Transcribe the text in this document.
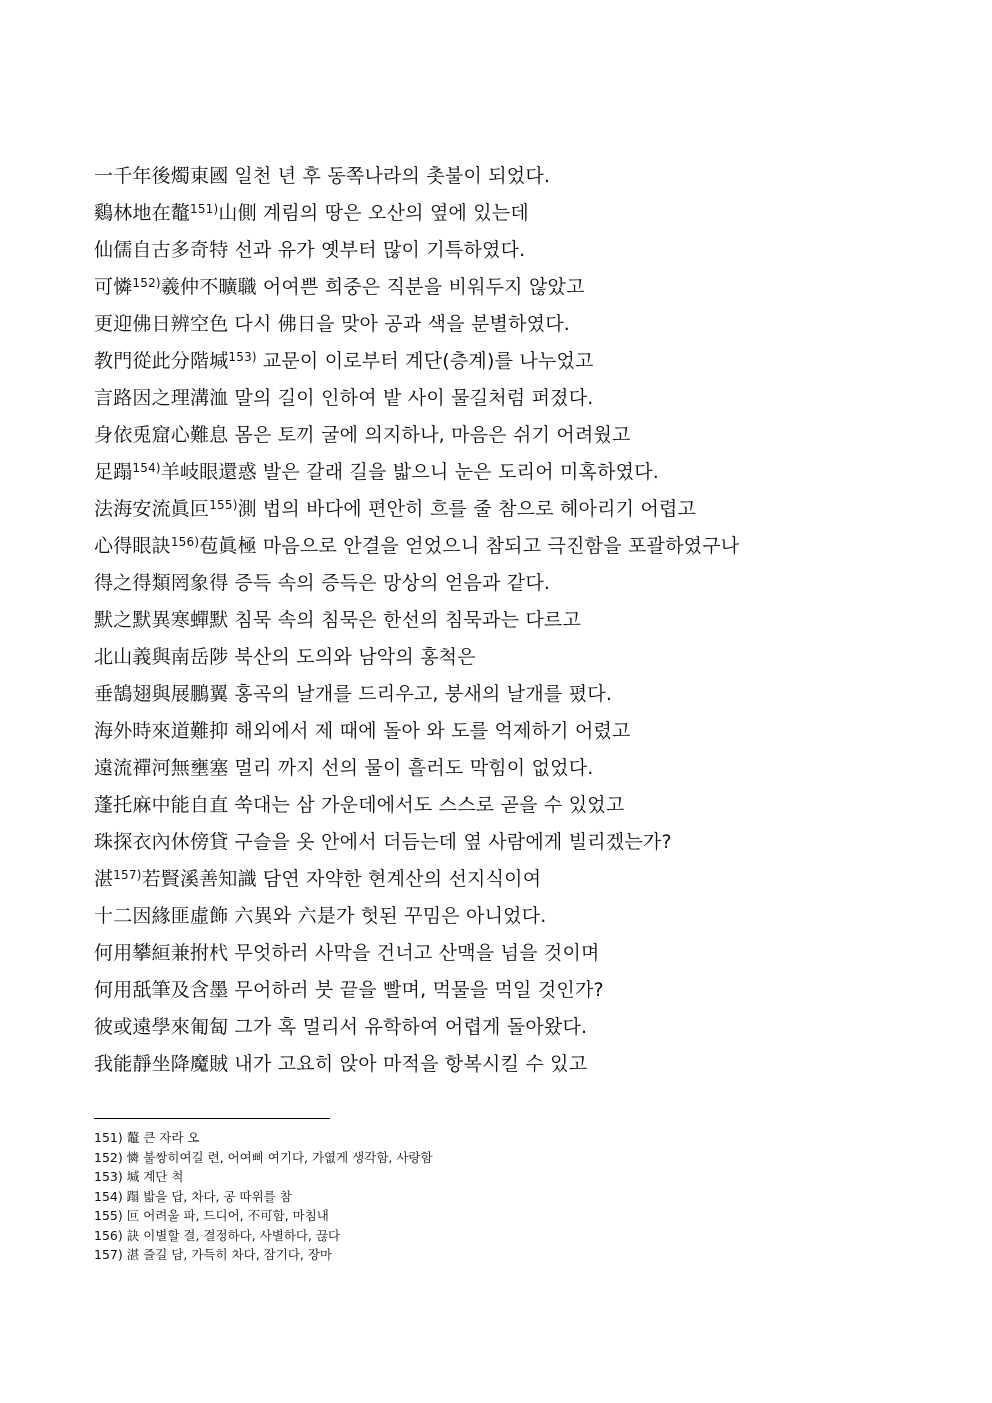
一千年後燭東國 일천 년 후 동쪽나라의 촛불이 되었다.
鷄林地在鼇$^{151)}$山側 계림의 땅은 오산의 옆에 있는데
仙儒自古多奇特 선과 유가 옛부터 많이 기특하였다.
可憐$^{152)}$羲仲不曠職 어여쁜 희중은 직분을 비워두지 않았고
更迎佛日辨空色 다시 佛日을 맞아 공과 색을 분별하였다.
教門從此分階堿$^{153)}$ 교문이 이로부터 계단(층계)를 나누었고
言路因之理溝洫 말의 길이 인하여 밭 사이 물길처럼 퍼졌다.
身依兎窟心難息 몸은 토끼 굴에 의지하나, 마음은 쉬기 어려웠고
足蹋$^{154)}$羊岐眼還惑 발은 갈래 길을 밟으니 눈은 도리어 미혹하였다.
法海安流眞叵$^{155)}$測 법의 바다에 편안히 흐를 줄 참으로 헤아리기 어렵고
心得眼訣$^{156)}$苞眞極 마음으로 안결을 얻었으니 참되고 극진함을 포괄하였구나
得之得類罔象得 증득 속의 증득은 망상의 얻음과 같다.
默之默異寒蟬默 침묵 속의 침묵은 한선의 침묵과는 다르고
北山義與南岳陟 북산의 도의와 남악의 홍척은
垂鵠翅與展鵬翼 홍곡의 날개를 드리우고, 붕새의 날개를 폈다.
海外時來道難抑 해외에서 제 때에 돌아 와 도를 억제하기 어렸고
遠流禪河無壅塞 멀리 까지 선의 물이 흘러도 막힘이 없었다.
蓬托麻中能自直 쑥대는 삼 가운데에서도 스스로 곧을 수 있었고
珠探衣內休傍貸 구슬을 옷 안에서 더듬는데 옆 사람에게 빌리겠는가?
湛$^{157)}$若賢溪善知識 담연 자약한 현계산의 선지식이여
十二因緣匪虛飾 六異와 六是가 헛된 꾸밈은 아니었다.
何用攀絙兼拊杙 무엇하러 사막을 건너고 산맥을 넘을 것이며
何用舐筆及含墨 무어하러 붓 끝을 빨며, 먹물을 먹일 것인가?
彼或遠學來匍匐 그가 혹 멀리서 유학하여 어렵게 돌아왔다.
我能靜坐降魔賊 내가 고요히 앉아 마적을 항복시킬 수 있고
151) 鼇 큰 자라 오
152) 憐 불쌍히여길 련, 어여삐 여기다, 가엾게 생각함, 사랑함
153) 堿 계단 척
154) 蹋 밟을 답, 차다, 공 따위를 참
155) 叵 어려울 파, 드디어, 不可함, 마침내
156) 訣 이별할 결, 결정하다, 사별하다, 끊다
157) 湛 즐길 담, 가득히 차다, 잠기다, 장마
